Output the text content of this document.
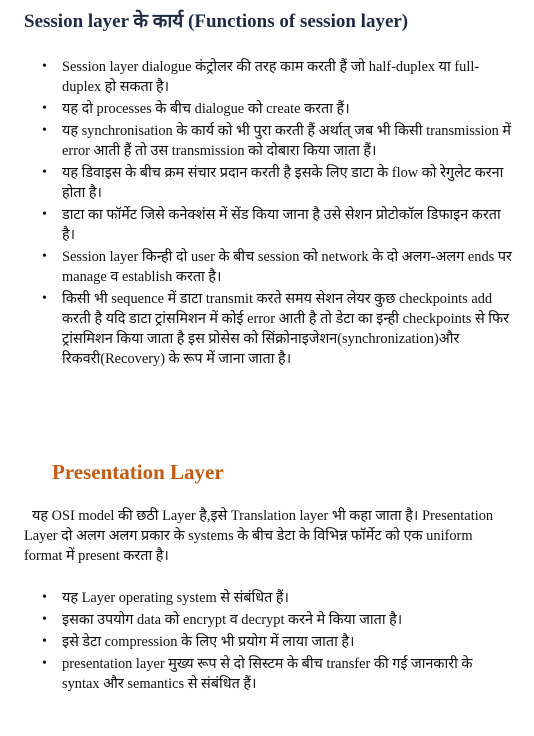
Session layer के कार्य (Functions of session layer)
• Session layer dialogue कंट्रोलर की तरह काम करती हैं जो half-duplex या full-duplex हो सकता है।
• यह दो processes के बीच dialogue को create करता हैं।
• यह synchronisation के कार्य को भी पुरा करती हैं अर्थात् जब भी किसी transmission में error आती हैं तो उस transmission को दोबारा किया जाता हैं।
• यह डिवाइस के बीच क्रम संचार प्रदान करती है इसके लिए डाटा के flow को रेगुलेट करना होता है।
• डाटा का फॉर्मेट जिसे कनेक्शंस में सेंड किया जाना है उसे सेशन प्रोटोकॉल डिफाइन करता है।
• Session layer किन्ही दो user के बीच session को network के दो अलग-अलग ends पर manage व establish करता है।
• किसी भी sequence में डाटा transmit करते समय सेशन लेयर कुछ checkpoints add करती है यदि डाटा ट्रांसमिशन में कोई error आती है तो डेटा का इन्ही checkpoints से फिर ट्रांसमिशन किया जाता है इस प्रोसेस को सिंक्रोनाइजेशन(synchronization)और रिकवरी(Recovery) के रूप में जाना जाता है।
Presentation Layer

यह OSI model की छठी Layer है,इसे Translation layer भी कहा जाता है। Presentation Layer दो अलग अलग प्रकार के systems के बीच डेटा के विभिन्न फॉर्मेट को एक uniform format में present करता है।

• यह Layer operating system से संबंधित हैं।
• इसका उपयोग data को encrypt व decrypt करने मे किया जाता है।
• इसे डेटा compression के लिए भी प्रयोग में लाया जाता है।
• presentation layer मुख्य रूप से दो सिस्टम के बीच transfer की गई जानकारी के syntax और semantics से संबंधित हैं।
